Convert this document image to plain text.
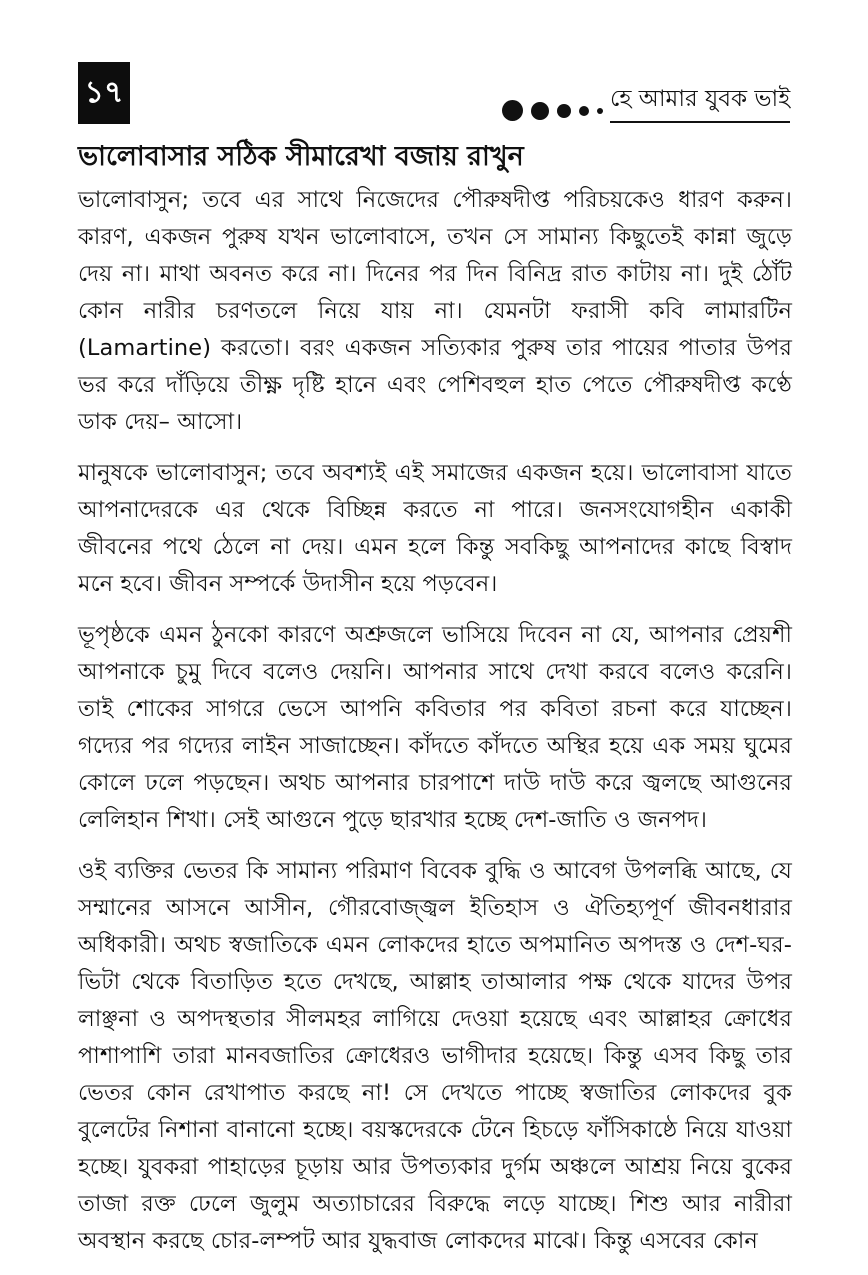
১৭	হে আমার যুবক ভাই
ভালোবাসার সঠিক সীমারেখা বজায় রাখুন

ভালোবাসুন; তবে এর সাথে নিজেদের পৌরুষদীপ্ত পরিচয়কেও ধারণ করুন। কারণ, একজন পুরুষ যখন ভালোবাসে, তখন সে সামান্য কিছুতেই কান্না জুড়ে দেয় না। মাথা অবনত করে না। দিনের পর দিন বিনিদ্র রাত কাটায় না। দুই ঠোঁট কোন নারীর চরণতলে নিয়ে যায় না। যেমনটা ফরাসী কবি লামারটিন (Lamartine) করতো। বরং একজন সত্যিকার পুরুষ তার পায়ের পাতার উপর ভর করে দাঁড়িয়ে তীক্ষ্ণ দৃষ্টি হানে এবং পেশিবহুল হাত পেতে পৌরুষদীপ্ত কণ্ঠে ডাক দেয়– আসো।

মানুষকে ভালোবাসুন; তবে অবশ্যই এই সমাজের একজন হয়ে। ভালোবাসা যাতে আপনাদেরকে এর থেকে বিচ্ছিন্ন করতে না পারে। জনসংযোগহীন একাকী জীবনের পথে ঠেলে না দেয়। এমন হলে কিন্তু সবকিছু আপনাদের কাছে বিস্বাদ মনে হবে। জীবন সম্পর্কে উদাসীন হয়ে পড়বেন।

ভূপৃষ্ঠকে এমন ঠুনকো কারণে অশ্রুজলে ভাসিয়ে দিবেন না যে, আপনার প্রেয়শী আপনাকে চুমু দিবে বলেও দেয়নি। আপনার সাথে দেখা করবে বলেও করেনি। তাই শোকের সাগরে ভেসে আপনি কবিতার পর কবিতা রচনা করে যাচ্ছেন। গদ্যের পর গদ্যের লাইন সাজাচ্ছেন। কাঁদতে কাঁদতে অস্থির হয়ে এক সময় ঘুমের কোলে ঢলে পড়ছেন। অথচ আপনার চারপাশে দাউ দাউ করে জ্বলছে আগুনের লেলিহান শিখা। সেই আগুনে পুড়ে ছারখার হচ্ছে দেশ-জাতি ও জনপদ।

ওই ব্যক্তির ভেতর কি সামান্য পরিমাণ বিবেক বুদ্ধি ও আবেগ উপলব্ধি আছে, যে সম্মানের আসনে আসীন, গৌরবোজ্জ্বল ইতিহাস ও ঐতিহ্যপূর্ণ জীবনধারার অধিকারী। অথচ স্বজাতিকে এমন লোকদের হাতে অপমানিত অপদস্ত ও দেশ-ঘর-ভিটা থেকে বিতাড়িত হতে দেখছে, আল্লাহ তাআলার পক্ষ থেকে যাদের উপর লাঞ্ছনা ও অপদস্থতার সীলমহর লাগিয়ে দেওয়া হয়েছে এবং আল্লাহর ক্রোধের পাশাপাশি তারা মানবজাতির ক্রোধেরও ভাগীদার হয়েছে। কিন্তু এসব কিছু তার ভেতর কোন রেখাপাত করছে না! সে দেখতে পাচ্ছে স্বজাতির লোকদের বুক বুলেটের নিশানা বানানো হচ্ছে। বয়স্কদেরকে টেনে হিচড়ে ফাঁসিকাষ্ঠে নিয়ে যাওয়া হচ্ছে। যুবকরা পাহাড়ের চূড়ায় আর উপত্যকার দুর্গম অঞ্চলে আশ্রয় নিয়ে বুকের তাজা রক্ত ঢেলে জুলুম অত্যাচারের বিরুদ্ধে লড়ে যাচ্ছে। শিশু আর নারীরা অবস্থান করছে চোর-লম্পট আর যুদ্ধবাজ লোকদের মাঝে। কিন্তু এসবের কোন
